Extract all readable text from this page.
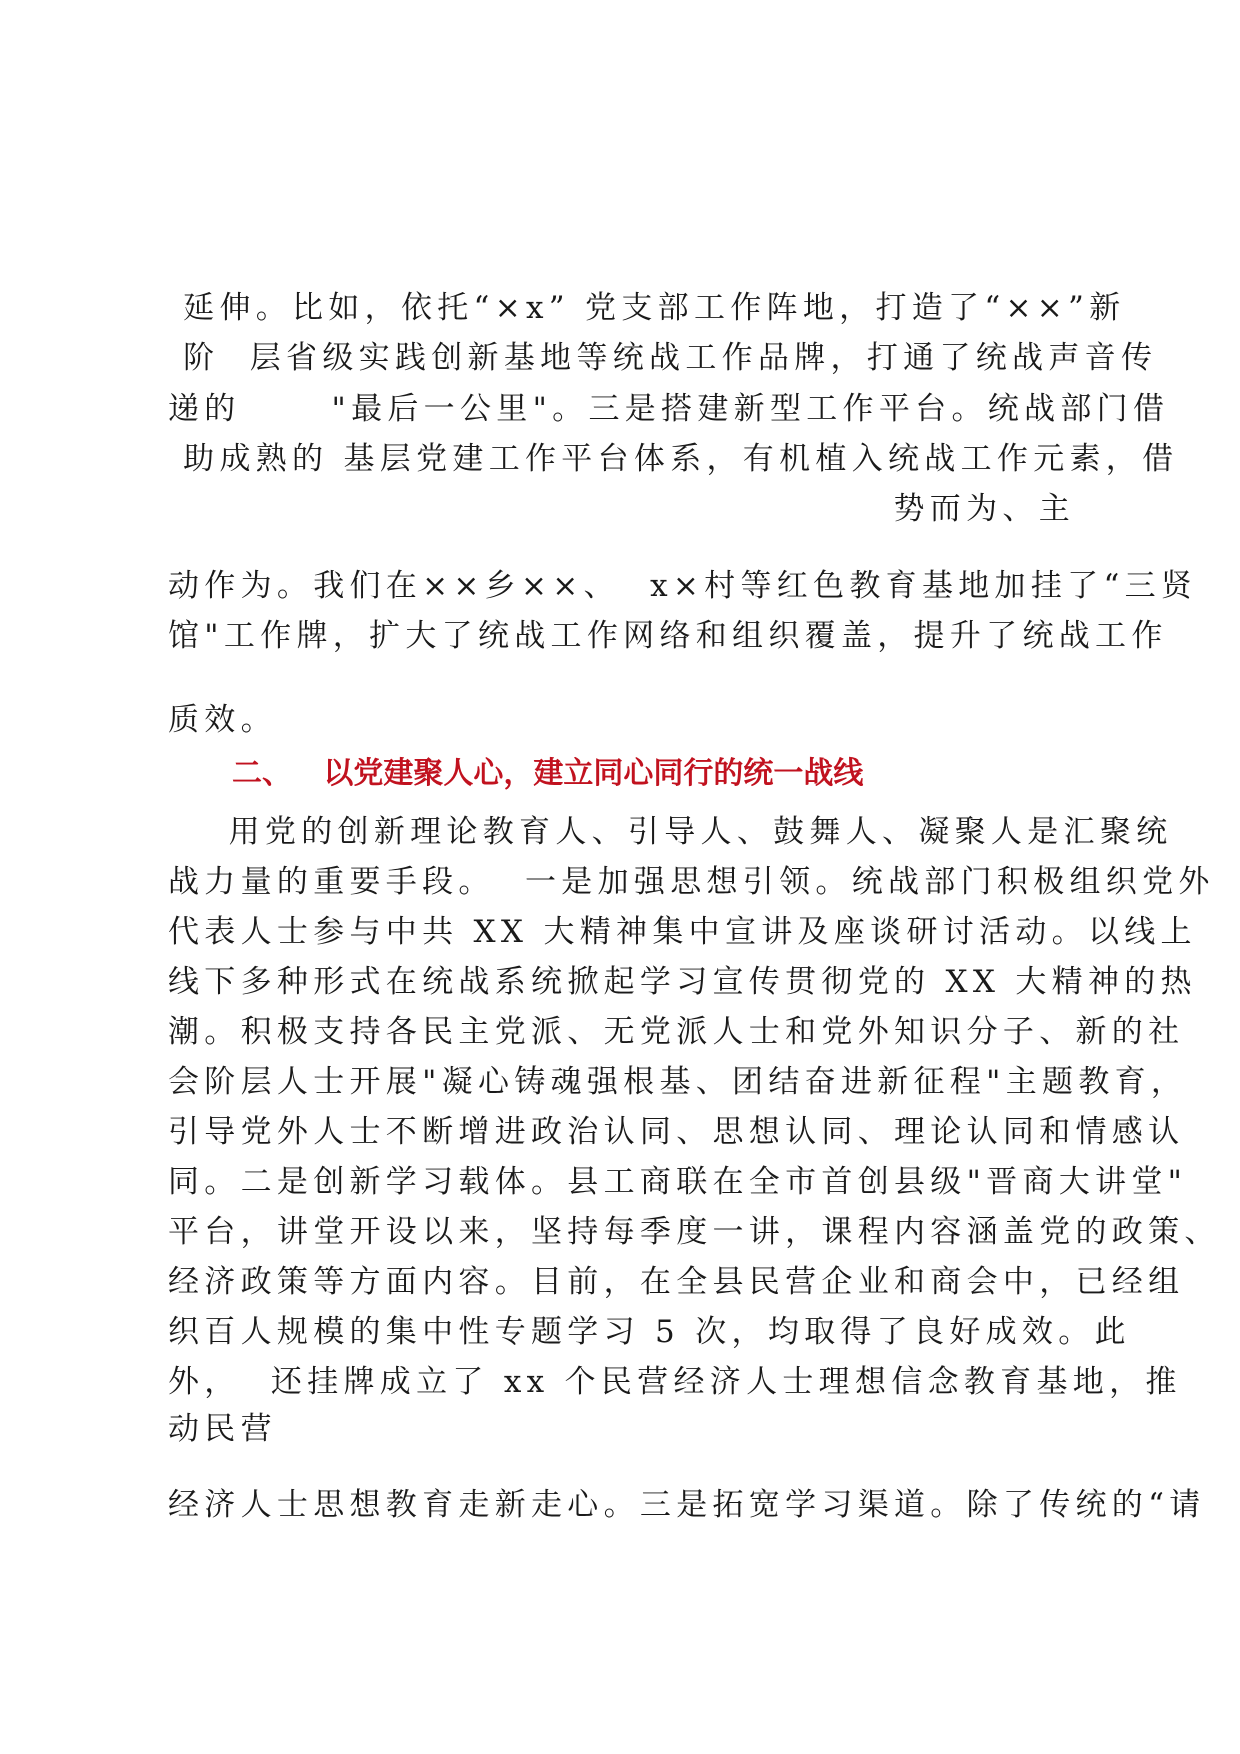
延伸。比如，依托“×x” 党支部工作阵地，打造了“××”新
阶  层省级实践创新基地等统战工作品牌，打通了统战声音传
递的      "最后一公里"。三是搭建新型工作平台。统战部门借
助成熟的 基层党建工作平台体系，有机植入统战工作元素，借
势而为、主
动作为。我们在××乡××、  x×村等红色教育基地加挂了“三贤
馆"工作牌，扩大了统战工作网络和组织覆盖，提升了统战工作
质效。
二、   以党建聚人心，建立同心同行的统一战线
用党的创新理论教育人、引导人、鼓舞人、凝聚人是汇聚统
战力量的重要手段。  一是加强思想引领。统战部门积极组织党外
代表人士参与中共 XX 大精神集中宣讲及座谈研讨活动。以线上
线下多种形式在统战系统掀起学习宣传贯彻党的 XX 大精神的热
潮。积极支持各民主党派、无党派人士和党外知识分子、新的社
会阶层人士开展"凝心铸魂强根基、团结奋进新征程"主题教育，
引导党外人士不断增进政治认同、思想认同、理论认同和情感认
同。二是创新学习载体。县工商联在全市首创县级"晋商大讲堂"
平台，讲堂开设以来，坚持每季度一讲，课程内容涵盖党的政策、
经济政策等方面内容。目前，在全县民营企业和商会中，已经组
织百人规模的集中性专题学习 5 次，均取得了良好成效。此
外，  还挂牌成立了 xx 个民营经济人士理想信念教育基地，推
动民营
经济人士思想教育走新走心。三是拓宽学习渠道。除了传统的“请
